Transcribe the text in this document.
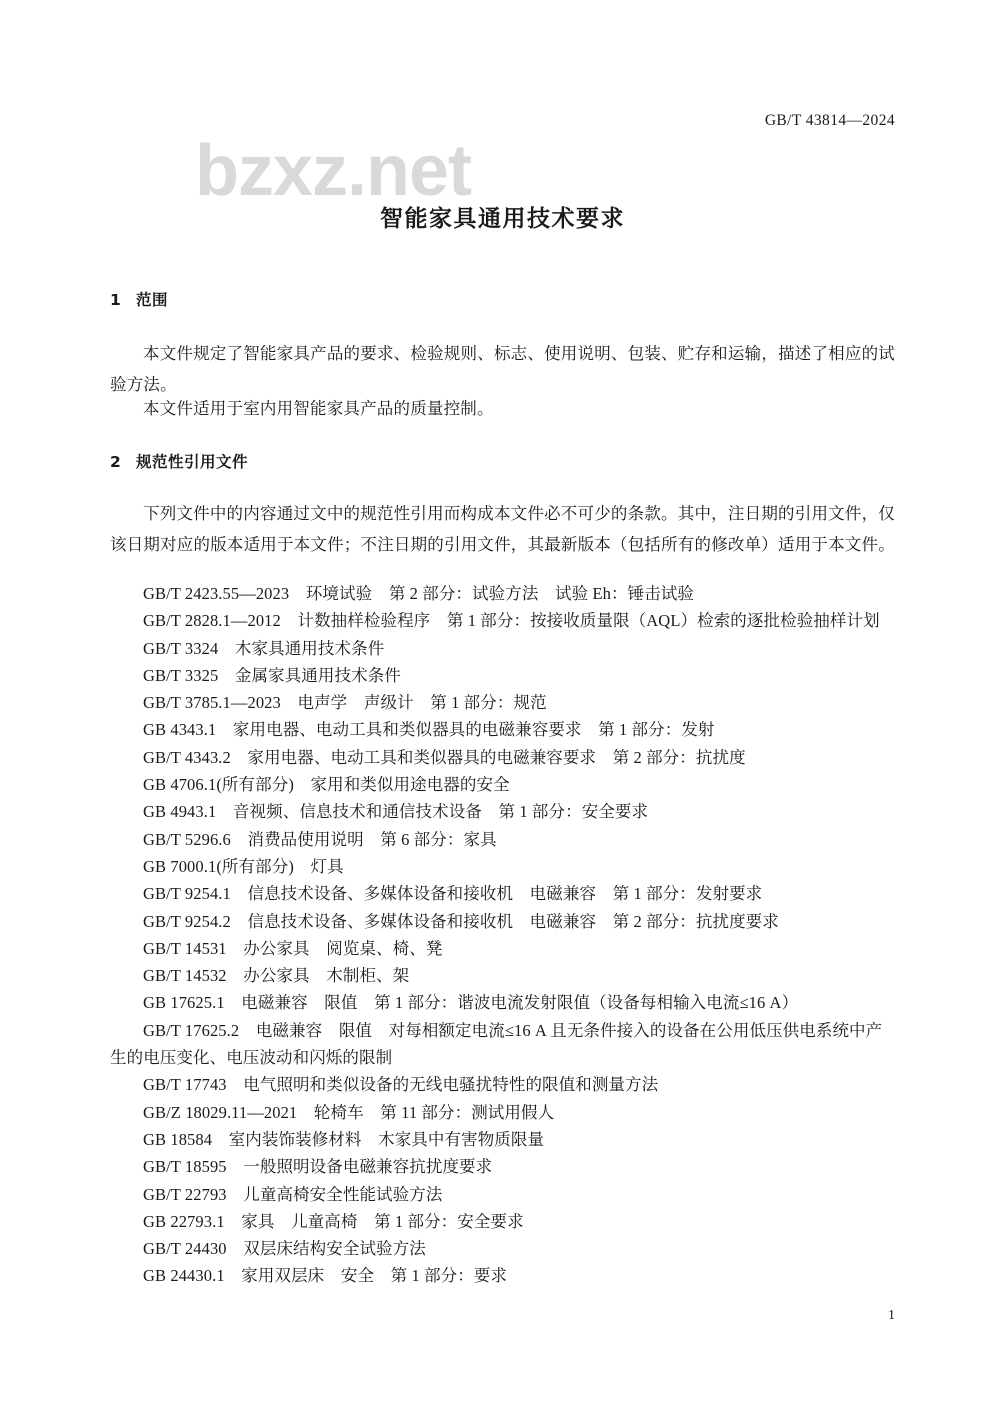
bzxz.net
GB/T 43814—2024
智能家具通用技术要求
1 范围
本文件规定了智能家具产品的要求、检验规则、标志、使用说明、包装、贮存和运输，描述了相应的试验方法。
本文件适用于室内用智能家具产品的质量控制。
2 规范性引用文件
下列文件中的内容通过文中的规范性引用而构成本文件必不可少的条款。其中，注日期的引用文件，仅该日期对应的版本适用于本文件；不注日期的引用文件，其最新版本（包括所有的修改单）适用于本文件。
GB/T 2423.55—2023　环境试验　第 2 部分：试验方法　试验 Eh：锤击试验
GB/T 2828.1—2012　计数抽样检验程序　第 1 部分：按接收质量限（AQL）检索的逐批检验抽样计划
GB/T 3324　木家具通用技术条件
GB/T 3325　金属家具通用技术条件
GB/T 3785.1—2023　电声学　声级计　第 1 部分：规范
GB 4343.1　家用电器、电动工具和类似器具的电磁兼容要求　第 1 部分：发射
GB/T 4343.2　家用电器、电动工具和类似器具的电磁兼容要求　第 2 部分：抗扰度
GB 4706.1(所有部分)　家用和类似用途电器的安全
GB 4943.1　音视频、信息技术和通信技术设备　第 1 部分：安全要求
GB/T 5296.6　消费品使用说明　第 6 部分：家具
GB 7000.1(所有部分)　灯具
GB/T 9254.1　信息技术设备、多媒体设备和接收机　电磁兼容　第 1 部分：发射要求
GB/T 9254.2　信息技术设备、多媒体设备和接收机　电磁兼容　第 2 部分：抗扰度要求
GB/T 14531　办公家具　阅览桌、椅、凳
GB/T 14532　办公家具　木制柜、架
GB 17625.1　电磁兼容　限值　第 1 部分：谐波电流发射限值（设备每相输入电流≤16 A）
GB/T 17625.2　电磁兼容　限值　对每相额定电流≤16 A 且无条件接入的设备在公用低压供电系统中产生的电压变化、电压波动和闪烁的限制
GB/T 17743　电气照明和类似设备的无线电骚扰特性的限值和测量方法
GB/Z 18029.11—2021　轮椅车　第 11 部分：测试用假人
GB 18584　室内装饰装修材料　木家具中有害物质限量
GB/T 18595　一般照明设备电磁兼容抗扰度要求
GB/T 22793　儿童高椅安全性能试验方法
GB 22793.1　家具　儿童高椅　第 1 部分：安全要求
GB/T 24430　双层床结构安全试验方法
GB 24430.1　家用双层床　安全　第 1 部分：要求
1
